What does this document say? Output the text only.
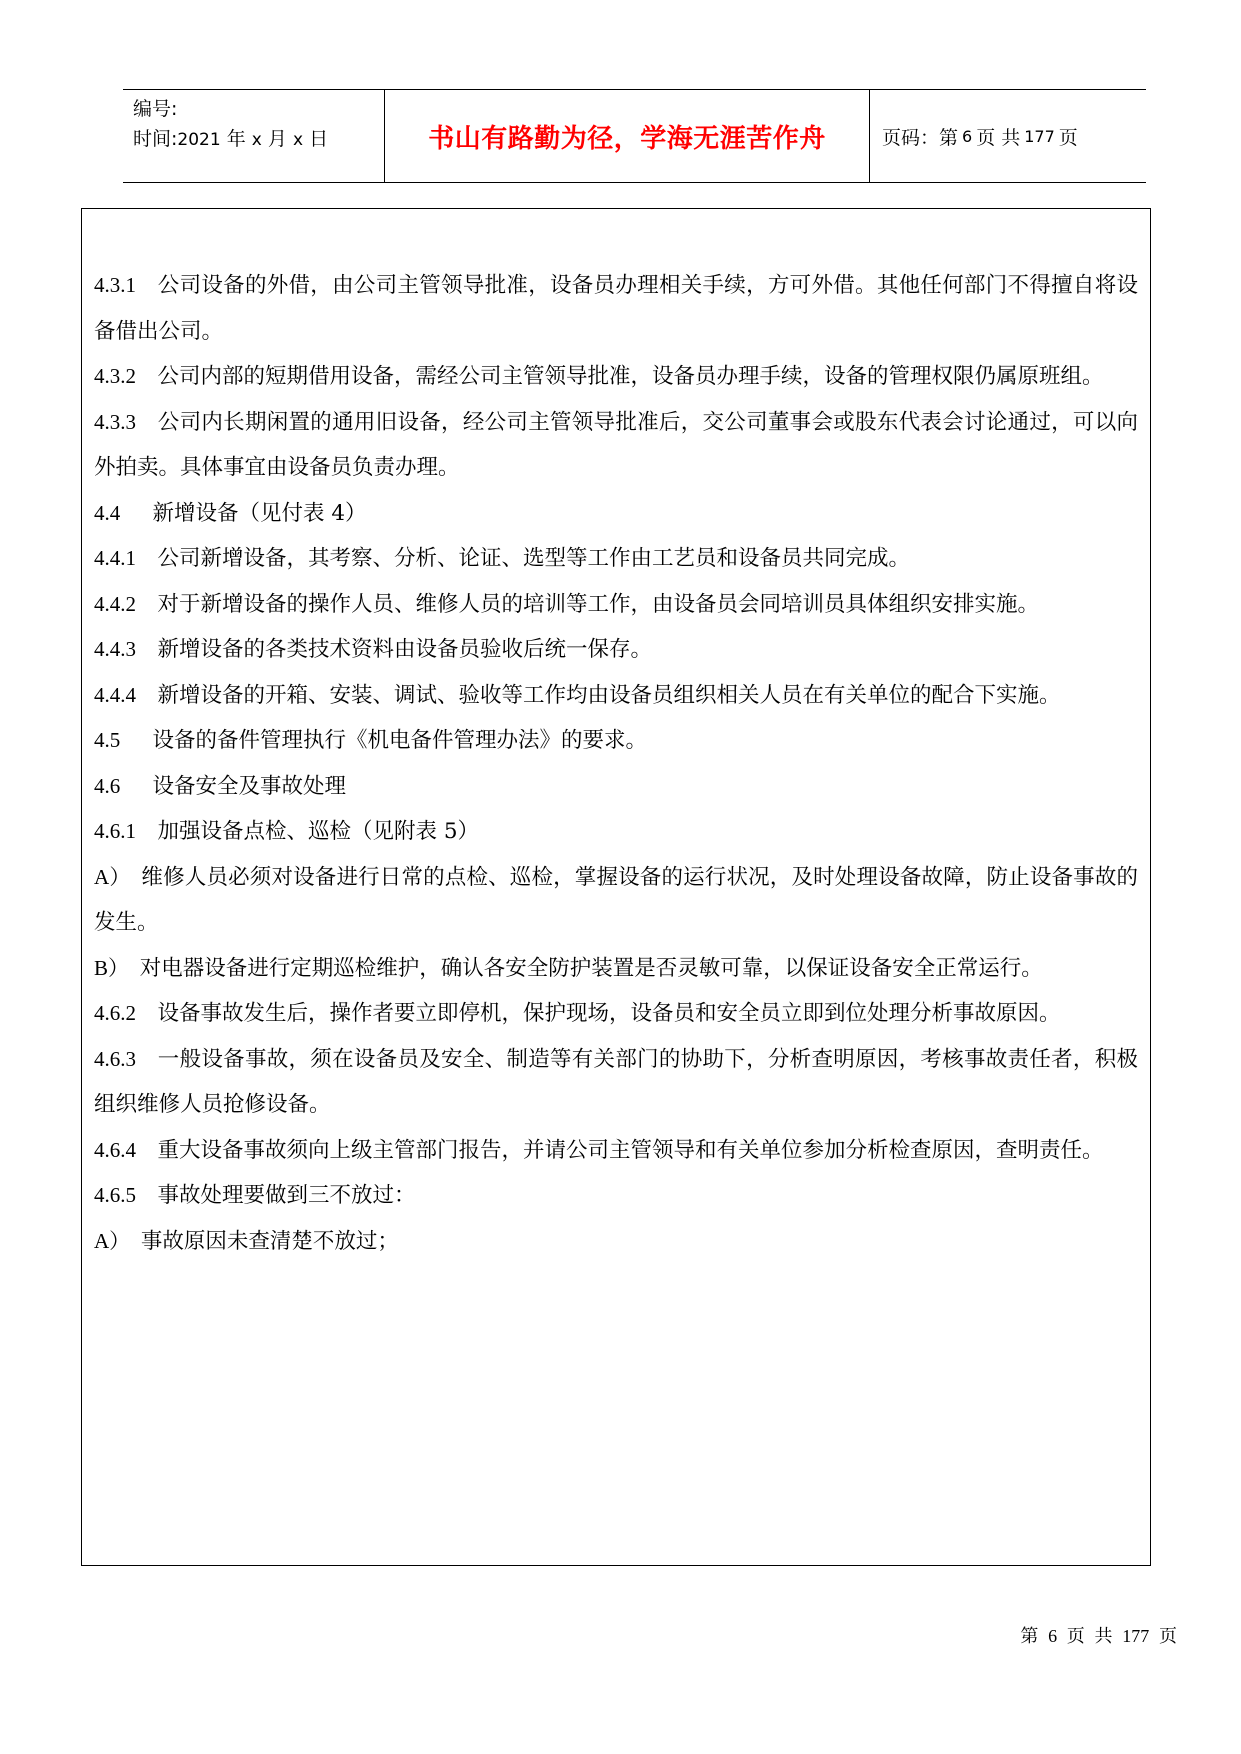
编号:
时间:2021 年 x 月 x 日	书山有路勤为径，学海无涯苦作舟	页码：第 6 页 共 177 页

4.3.1  公司设备的外借，由公司主管领导批准，设备员办理相关手续，方可外借。其他任何部门不得擅自将设备借出公司。

4.3.2  公司内部的短期借用设备，需经公司主管领导批准，设备员办理手续，设备的管理权限仍属原班组。

4.3.3  公司内长期闲置的通用旧设备，经公司主管领导批准后，交公司董事会或股东代表会讨论通过，可以向外拍卖。具体事宜由设备员负责办理。

4.4   新增设备（见付表 4）

4.4.1  公司新增设备，其考察、分析、论证、选型等工作由工艺员和设备员共同完成。

4.4.2  对于新增设备的操作人员、维修人员的培训等工作，由设备员会同培训员具体组织安排实施。

4.4.3  新增设备的各类技术资料由设备员验收后统一保存。

4.4.4  新增设备的开箱、安装、调试、验收等工作均由设备员组织相关人员在有关单位的配合下实施。

4.5   设备的备件管理执行《机电备件管理办法》的要求。

4.6   设备安全及事故处理

4.6.1  加强设备点检、巡检（见附表 5）

A）  维修人员必须对设备进行日常的点检、巡检，掌握设备的运行状况，及时处理设备故障，防止设备事故的发生。

B）  对电器设备进行定期巡检维护，确认各安全防护装置是否灵敏可靠，以保证设备安全正常运行。

4.6.2  设备事故发生后，操作者要立即停机，保护现场，设备员和安全员立即到位处理分析事故原因。

4.6.3  一般设备事故，须在设备员及安全、制造等有关部门的协助下，分析查明原因，考核事故责任者，积极组织维修人员抢修设备。

4.6.4  重大设备事故须向上级主管部门报告，并请公司主管领导和有关单位参加分析检查原因，查明责任。

4.6.5  事故处理要做到三不放过：

A）  事故原因未查清楚不放过；

第 6 页 共 177 页
